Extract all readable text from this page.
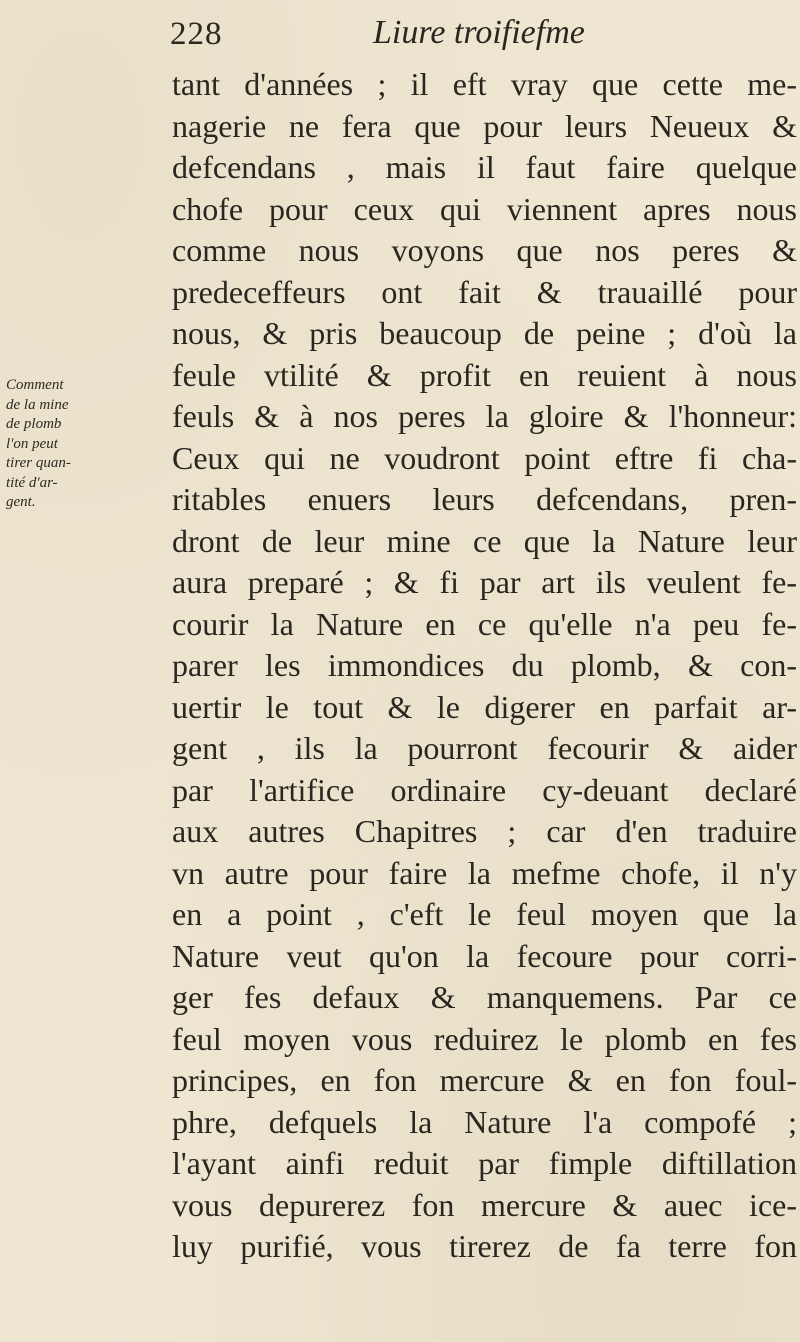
228	Liure troifiefme
Comment
de la mine
de plomb
l'on peut
tirer quan-
tité d'ar-
gent.
tant d'années ; il eft vray que cette me-
nagerie ne fera que pour leurs Neueux &
defcendans , mais il faut faire quelque
chofe pour ceux qui viennent apres nous
comme nous voyons que nos peres &
predeceffeurs ont fait & trauaillé pour
nous, & pris beaucoup de peine ; d'où la
feule vtilité & profit en reuient à nous
feuls & à nos peres la gloire & l'honneur:
Ceux qui ne voudront point eftre fi cha-
ritables enuers leurs defcendans, pren-
dront de leur mine ce que la Nature leur
aura preparé ; & fi par art ils veulent fe-
courir la Nature en ce qu'elle n'a peu fe-
parer les immondices du plomb, & con-
uertir le tout & le digerer en parfait ar-
gent , ils la pourront fecourir & aider
par l'artifice ordinaire cy-deuant declaré
aux autres Chapitres ; car d'en traduire
vn autre pour faire la mefme chofe, il n'y
en a point , c'eft le feul moyen que la
Nature veut qu'on la fecoure pour corri-
ger fes defaux & manquemens. Par ce
feul moyen vous reduirez le plomb en fes
principes, en fon mercure & en fon foul-
phre, defquels la Nature l'a compofé ;
l'ayant ainfi reduit par fimple diftillation
vous depurerez fon mercure & auec ice-
luy purifié, vous tirerez de fa terre fon
